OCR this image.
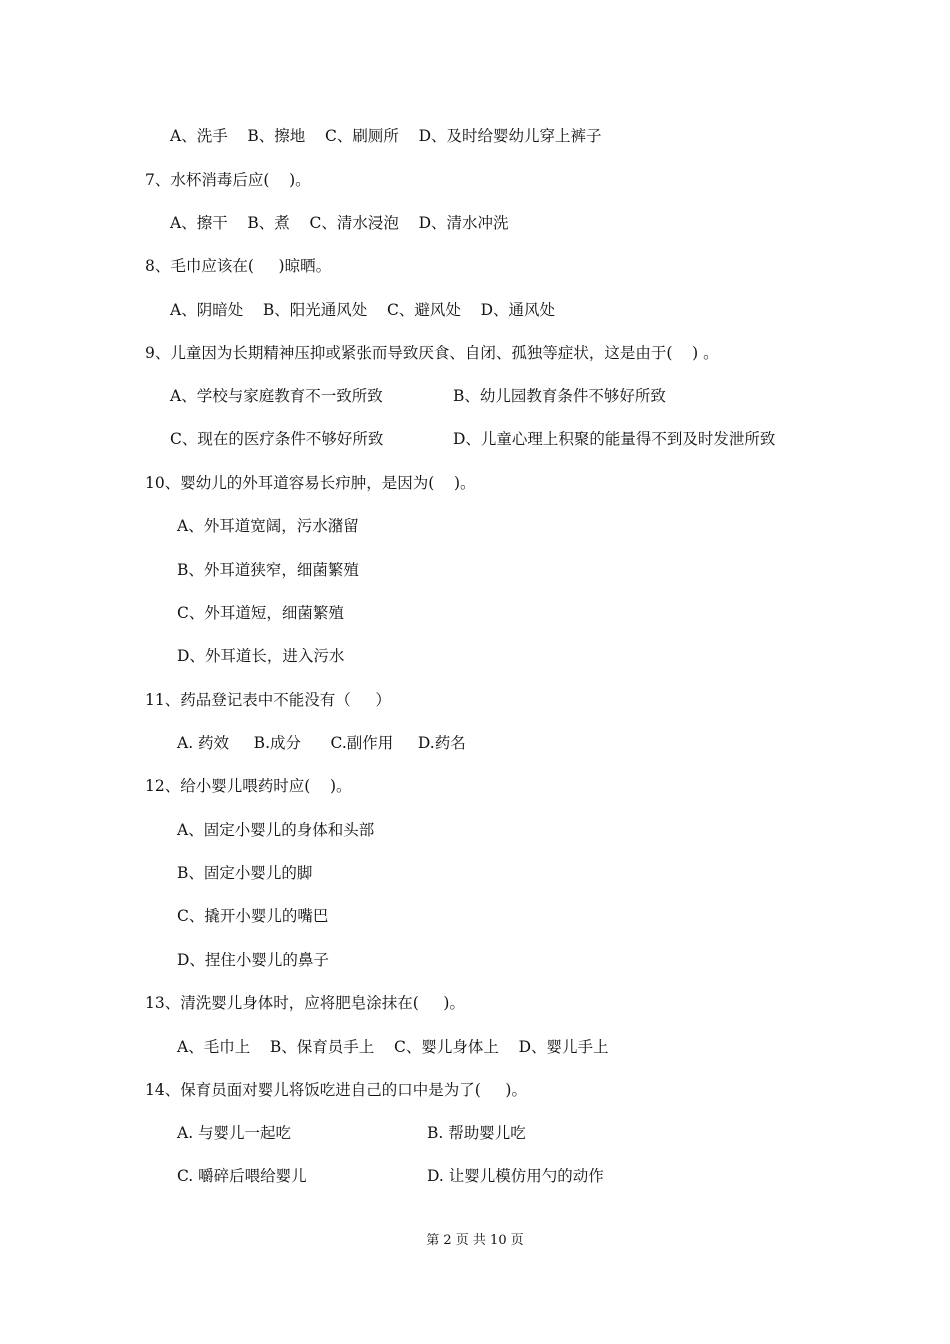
A、洗手    B、擦地    C、刷厕所    D、及时给婴幼儿穿上裤子
7、水杯消毒后应(    )。
A、擦干    B、煮    C、清水浸泡    D、清水冲洗
8、毛巾应该在(     )晾晒。
A、阴暗处    B、阳光通风处    C、避风处    D、通风处
9、儿童因为长期精神压抑或紧张而导致厌食、自闭、孤独等症状，这是由于(    ) 。
A、学校与家庭教育不一致所致	B、幼儿园教育条件不够好所致
C、现在的医疗条件不够好所致	D、儿童心理上积聚的能量得不到及时发泄所致
10、婴幼儿的外耳道容易长疖肿，是因为(    )。
A、外耳道宽阔，污水潴留
B、外耳道狭窄，细菌繁殖
C、外耳道短，细菌繁殖
D、外耳道长，进入污水
11、药品登记表中不能没有（     ）
A. 药效     B.成分      C.副作用     D.药名
12、给小婴儿喂药时应(    )。
A、固定小婴儿的身体和头部
B、固定小婴儿的脚
C、撬开小婴儿的嘴巴
D、捏住小婴儿的鼻子
13、清洗婴儿身体时，应将肥皂涂抹在(     )。
A、毛巾上    B、保育员手上    C、婴儿身体上    D、婴儿手上
14、保育员面对婴儿将饭吃进自己的口中是为了(     )。
A. 与婴儿一起吃	B. 帮助婴儿吃
C. 嚼碎后喂给婴儿	D. 让婴儿模仿用勺的动作
第 2 页 共 10 页
